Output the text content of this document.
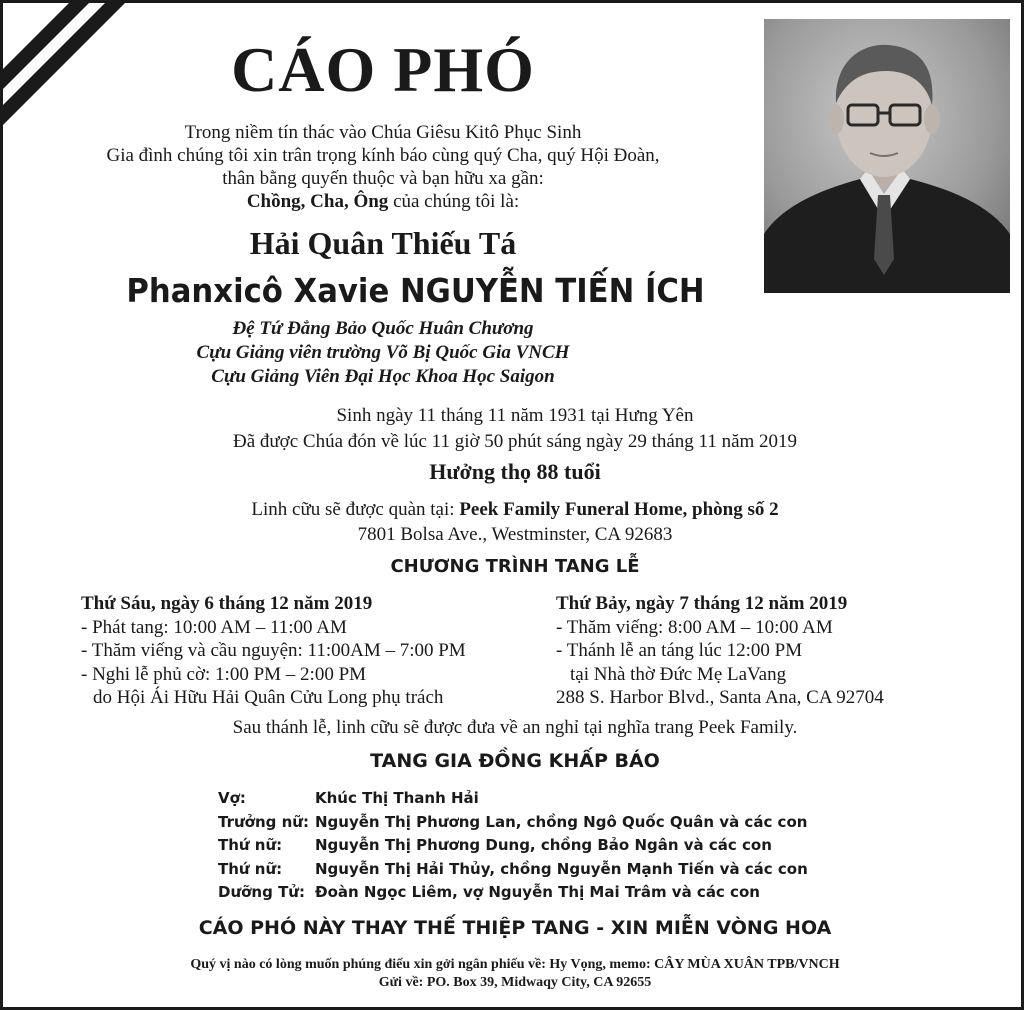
CÁO PHÓ
Trong niềm tín thác vào Chúa Giêsu Kitô Phục Sinh
Gia đình chúng tôi xin trân trọng kính báo cùng quý Cha, quý Hội Đoàn,
thân bằng quyến thuộc và bạn hữu xa gần:
Chồng, Cha, Ông của chúng tôi là:
Hải Quân Thiếu Tá
Phanxicô Xavie NGUYỄN TIẾN ÍCH
Đệ Tứ Đẳng Bảo Quốc Huân Chương
Cựu Giảng viên trường Võ Bị Quốc Gia VNCH
Cựu Giảng Viên Đại Học Khoa Học Saigon
Sinh ngày 11 tháng 11 năm 1931 tại Hưng Yên
Đã được Chúa đón về lúc 11 giờ 50 phút sáng ngày 29 tháng 11 năm 2019
Hưởng thọ 88 tuổi
Linh cữu sẽ được quàn tại: Peek Family Funeral Home, phòng số 2
7801 Bolsa Ave., Westminster, CA 92683
CHƯƠNG TRÌNH TANG LỄ
Thứ Sáu, ngày 6 tháng 12 năm 2019
- Phát tang: 10:00 AM – 11:00 AM
- Thăm viếng và cầu nguyện: 11:00AM – 7:00 PM
- Nghi lễ phủ cờ: 1:00 PM – 2:00 PM
do Hội Ái Hữu Hải Quân Cửu Long phụ trách
Thứ Bảy, ngày 7 tháng 12 năm 2019
- Thăm viếng: 8:00 AM – 10:00 AM
- Thánh lễ an táng lúc 12:00 PM
tại Nhà thờ Đức Mẹ LaVang
288 S. Harbor Blvd., Santa Ana, CA 92704
Sau thánh lễ, linh cữu sẽ được đưa về an nghỉ tại nghĩa trang Peek Family.
TANG GIA ĐỒNG KHẤP BÁO
Vợ:	Khúc Thị Thanh Hải
Trưởng nữ: Nguyễn Thị Phương Lan, chồng Ngô Quốc Quân và các con
Thứ nữ:	Nguyễn Thị Phương Dung, chồng Bảo Ngân và các con
Thứ nữ:	Nguyễn Thị Hải Thủy, chồng Nguyễn Mạnh Tiến và các con
Dưỡng Tử: Đoàn Ngọc Liêm, vợ Nguyễn Thị Mai Trâm và các con
CÁO PHÓ NÀY THAY THẾ THIỆP TANG - XIN MIỄN VÒNG HOA
Quý vị nào có lòng muốn phúng điếu xin gởi ngân phiếu về: Hy Vọng, memo: CÂY MÙA XUÂN TPB/VNCH
Gửi về: PO. Box 39, Midwaqy City, CA 92655
